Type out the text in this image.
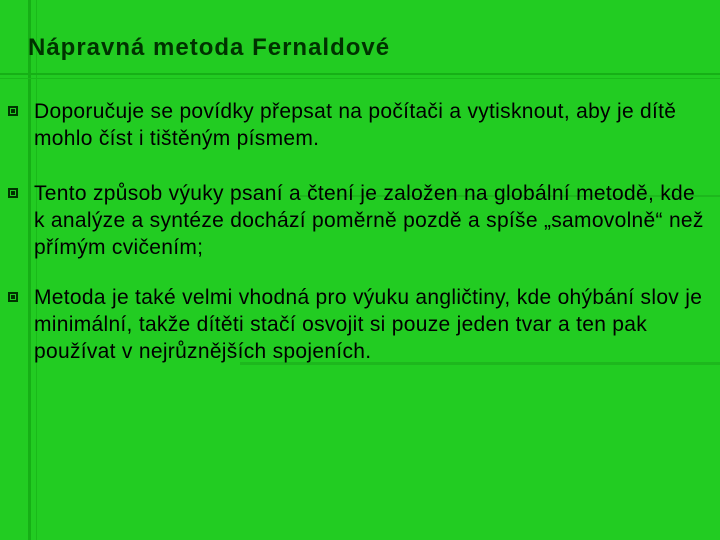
Nápravná metoda Fernaldové
Doporučuje se povídky přepsat na počítači a vytisknout, aby je dítě mohlo číst i tištěným písmem.
Tento způsob výuky psaní a čtení je založen na globální metodě, kde k analýze a syntéze dochází poměrně pozdě a spíše „samovolně“ než přímým cvičením;
Metoda je také velmi vhodná pro výuku angličtiny, kde ohýbání slov je minimální, takže dítěti stačí osvojit si pouze jeden tvar a ten pak používat v nejrůznějších spojeních.
